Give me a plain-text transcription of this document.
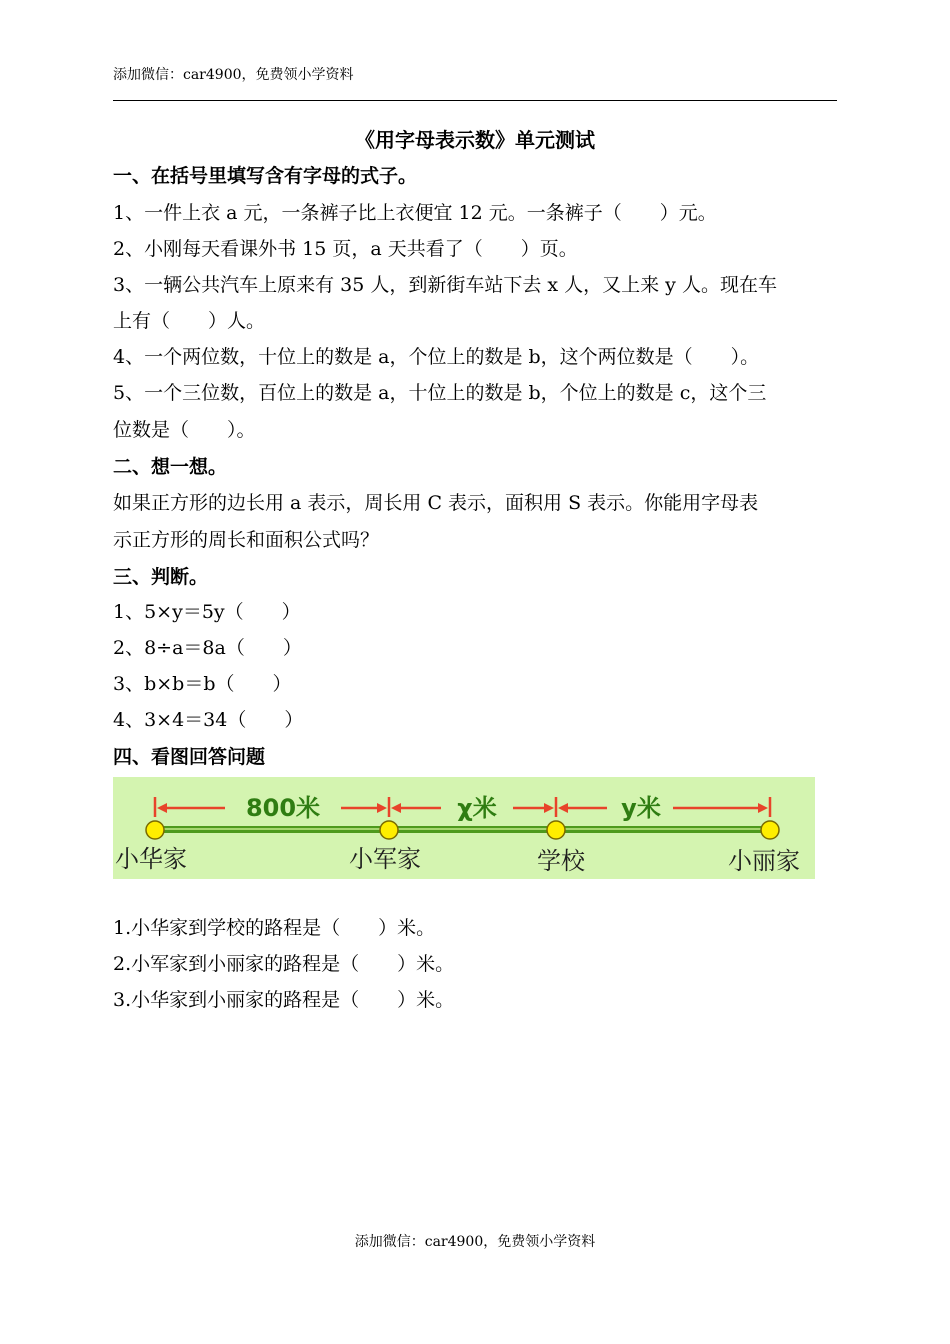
添加微信：car4900，免费领小学资料
《用字母表示数》单元测试
一、在括号里填写含有字母的式子。
1、一件上衣 a 元，一条裤子比上衣便宜 12 元。一条裤子（　　）元。
2、小刚每天看课外书 15 页，a 天共看了（　　）页。
3、一辆公共汽车上原来有 35 人，到新街车站下去 x 人，又上来 y 人。现在车
上有（　　）人。
4、一个两位数，十位上的数是 a，个位上的数是 b，这个两位数是（　　）。
5、一个三位数，百位上的数是 a，十位上的数是 b，个位上的数是 c，这个三
位数是（　　）。
二、想一想。
如果正方形的边长用 a 表示，周长用 C 表示，面积用 S 表示。你能用字母表
示正方形的周长和面积公式吗？
三、判断。
1、5×y＝5y（　　）
2、8÷a＝8a（　　）
3、b×b＝b（　　）
4、3×4＝34（　　）
四、看图回答问题
800米	χ米	y米
小华家	小军家	学校	小丽家
1.小华家到学校的路程是（　　）米。
2.小军家到小丽家的路程是（　　）米。
3.小华家到小丽家的路程是（　　）米。
添加微信：car4900，免费领小学资料
